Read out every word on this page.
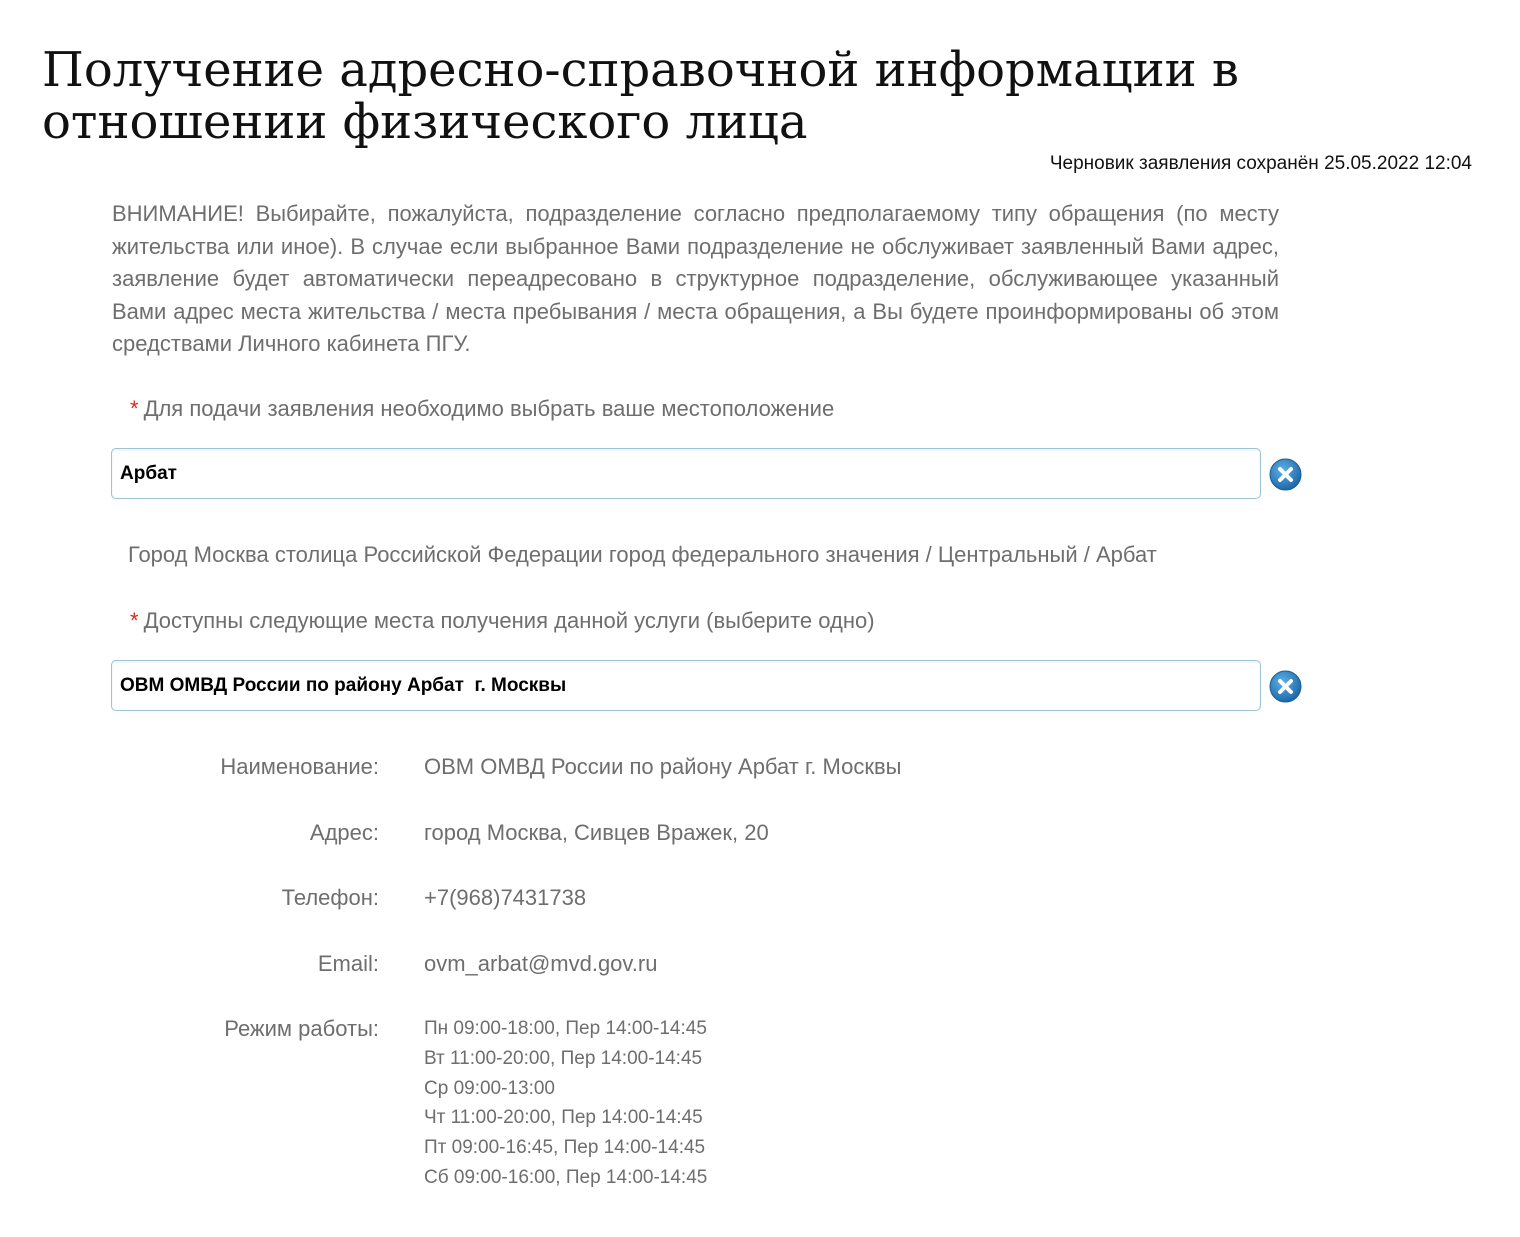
Получение адресно-справочной информации в отношении физического лица
Черновик заявления сохранён 25.05.2022 12:04

ВНИМАНИЕ! Выбирайте, пожалуйста, подразделение согласно предполагаемому типу обращения (по месту жительства или иное). В случае если выбранное Вами подразделение не обслуживает заявленный Вами адрес, заявление будет автоматически переадресовано в структурное подразделение, обслуживающее указанный Вами адрес места жительства / места пребывания / места обращения, а Вы будете проинформированы об этом средствами Личного кабинета ПГУ.

* Для подачи заявления необходимо выбрать ваше местоположение
Арбат
Город Москва столица Российской Федерации город федерального значения / Центральный / Арбат
* Доступны следующие места получения данной услуги (выберите одно)
ОВМ ОМВД России по району Арбат г. Москвы
Наименование: ОВМ ОМВД России по району Арбат г. Москвы
Адрес: город Москва, Сивцев Вражек, 20
Телефон: +7(968)7431738
Email: ovm_arbat@mvd.gov.ru
Режим работы: Пн 09:00-18:00, Пер 14:00-14:45
Вт 11:00-20:00, Пер 14:00-14:45
Ср 09:00-13:00
Чт 11:00-20:00, Пер 14:00-14:45
Пт 09:00-16:45, Пер 14:00-14:45
Сб 09:00-16:00, Пер 14:00-14:45
